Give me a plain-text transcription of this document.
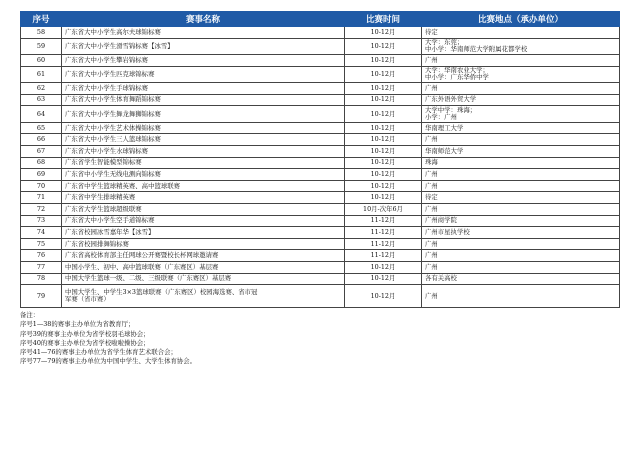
序号	赛事名称	比赛时间	比赛地点（承办单位）
58	广东省大中小学生高尔夫球锦标赛	10-12月	待定

59	广东省大中小学生滑雪锦标赛【冰雪】	10-12月	大学：东莞；
中小学：华南师范大学附属花都学校

60	广东省大中小学生攀岩锦标赛	10-12月	广州

61	广东省大中小学生匹克球锦标赛	10-12月	大学：华南农业大学；
中小学：广东华侨中学

62	广东省大中小学生手球锦标赛	10-12月	广州

63	广东省大中小学生体育舞蹈锦标赛	10-12月	广东外语外贸大学

64	广东省大中小学生舞龙舞狮锦标赛	10-12月	大学中学：珠海；
小学：广州

65	广东省大中小学生艺术体操锦标赛	10-12月	华南理工大学

66	广东省大中小学生三人篮球锦标赛	10-12月	广州

67	广东省大中小学生水球锦标赛	10-12月	华南师范大学

68	广东省学生智能模型锦标赛	10-12月	珠海

69	广东省中小学生无线电测向锦标赛	10-12月	广州

70	广东省中学生篮球精英赛、高中篮球联赛	10-12月	广州

71	广东省中学生排球精英赛	10-12月	待定

72	广东省大学生篮球超级联赛	10月-次年6月	广州

73	广东省大中小学生空手道锦标赛	11-12月	广州商学院

74	广东省校园冰雪嘉年华【冰雪】	11-12月	广州市星执学校

75	广东省校园排舞锦标赛	11-12月	广州

76	广东省高校体育部主任网球公开赛暨校长杯网球邀请赛	11-12月	广州

77	中国小学生、初中、高中篮球联赛（广东赛区）基层赛	10-12月	广州

78	中国大学生篮球一级、二级、三级联赛（广东赛区）基层赛	10-12月	各有关高校

79	中国大学生、中学生3×3篮球联赛（广东赛区）校园海选赛、省市冠
军赛（省市赛）	10-12月	广州
备注：
序号1—38的赛事主办单位为省教育厅；
序号39的赛事主办单位为省学校羽毛球协会；
序号40的赛事主办单位为省学校啦啦操协会；
序号41—76的赛事主办单位为省学生体育艺术联合会；
序号77—79的赛事主办单位为中国中学生、大学生体育协会。
